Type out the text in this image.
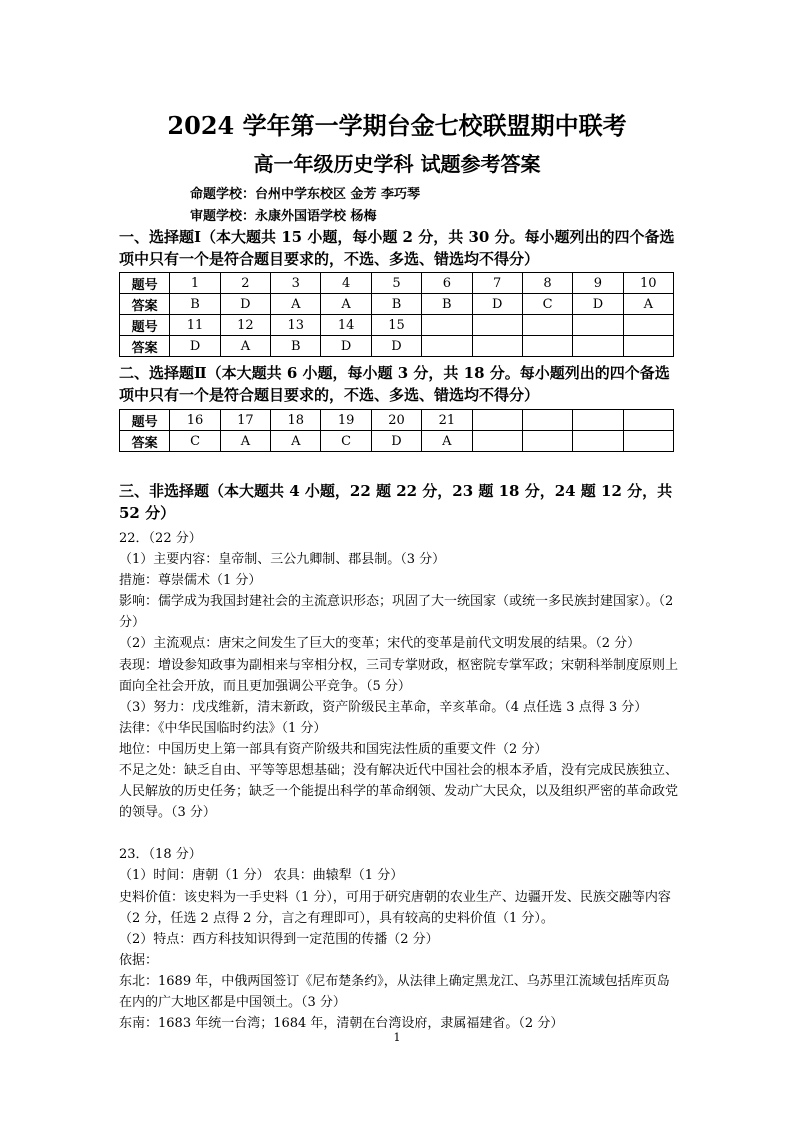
2024 学年第一学期台金七校联盟期中联考
高一年级历史学科 试题参考答案
命题学校：台州中学东校区 金芳 李巧琴
审题学校：永康外国语学校 杨梅
一、选择题Ⅰ（本大题共 15 小题，每小题 2 分，共 30 分。每小题列出的四个备选项中只有一个是符合题目要求的，不选、多选、错选均不得分）
题号	1	2	3	4	5	6	7	8	9	10
答案	B	D	A	A	B	B	D	C	D	A
题号	11	12	13	14	15					
答案	D	A	B	D	D					
二、选择题Ⅱ（本大题共 6 小题，每小题 3 分，共 18 分。每小题列出的四个备选项中只有一个是符合题目要求的，不选、多选、错选均不得分）
题号	16	17	18	19	20	21				
答案	C	A	A	C	D	A				
三、非选择题（本大题共 4 小题，22 题 22 分，23 题 18 分，24 题 12 分，共 52 分）

22．（22 分）

（1）主要内容：皇帝制、三公九卿制、郡县制。（3 分）

措施：尊崇儒术（1 分）

影响：儒学成为我国封建社会的主流意识形态；巩固了大一统国家（或统一多民族封建国家）。（2 分）

（2）主流观点：唐宋之间发生了巨大的变革；宋代的变革是前代文明发展的结果。（2 分）

表现：增设参知政事为副相来与宰相分权，三司专掌财政，枢密院专掌军政；宋朝科举制度原则上面向全社会开放，而且更加强调公平竞争。（5 分）

（3）努力：戊戌维新，清末新政，资产阶级民主革命，辛亥革命。（4 点任选 3 点得 3 分）

法律：《中华民国临时约法》（1 分）

地位：中国历史上第一部具有资产阶级共和国宪法性质的重要文件（2 分）

不足之处：缺乏自由、平等等思想基础；没有解决近代中国社会的根本矛盾，没有完成民族独立、人民解放的历史任务；缺乏一个能提出科学的革命纲领、发动广大民众，以及组织严密的革命政党的领导。（3 分）

23．（18 分）

（1）时间：唐朝（1 分） 农具：曲辕犁（1 分）

史料价值：该史料为一手史料（1 分），可用于研究唐朝的农业生产、边疆开发、民族交融等内容（2 分，任选 2 点得 2 分，言之有理即可），具有较高的史料价值（1 分）。

（2）特点：西方科技知识得到一定范围的传播（2 分）

依据：

东北：1689 年，中俄两国签订《尼布楚条约》，从法律上确定黑龙江、乌苏里江流域包括库页岛在内的广大地区都是中国领土。（3 分）

东南：1683 年统一台湾；1684 年，清朝在台湾设府，隶属福建省。（2 分）

1
